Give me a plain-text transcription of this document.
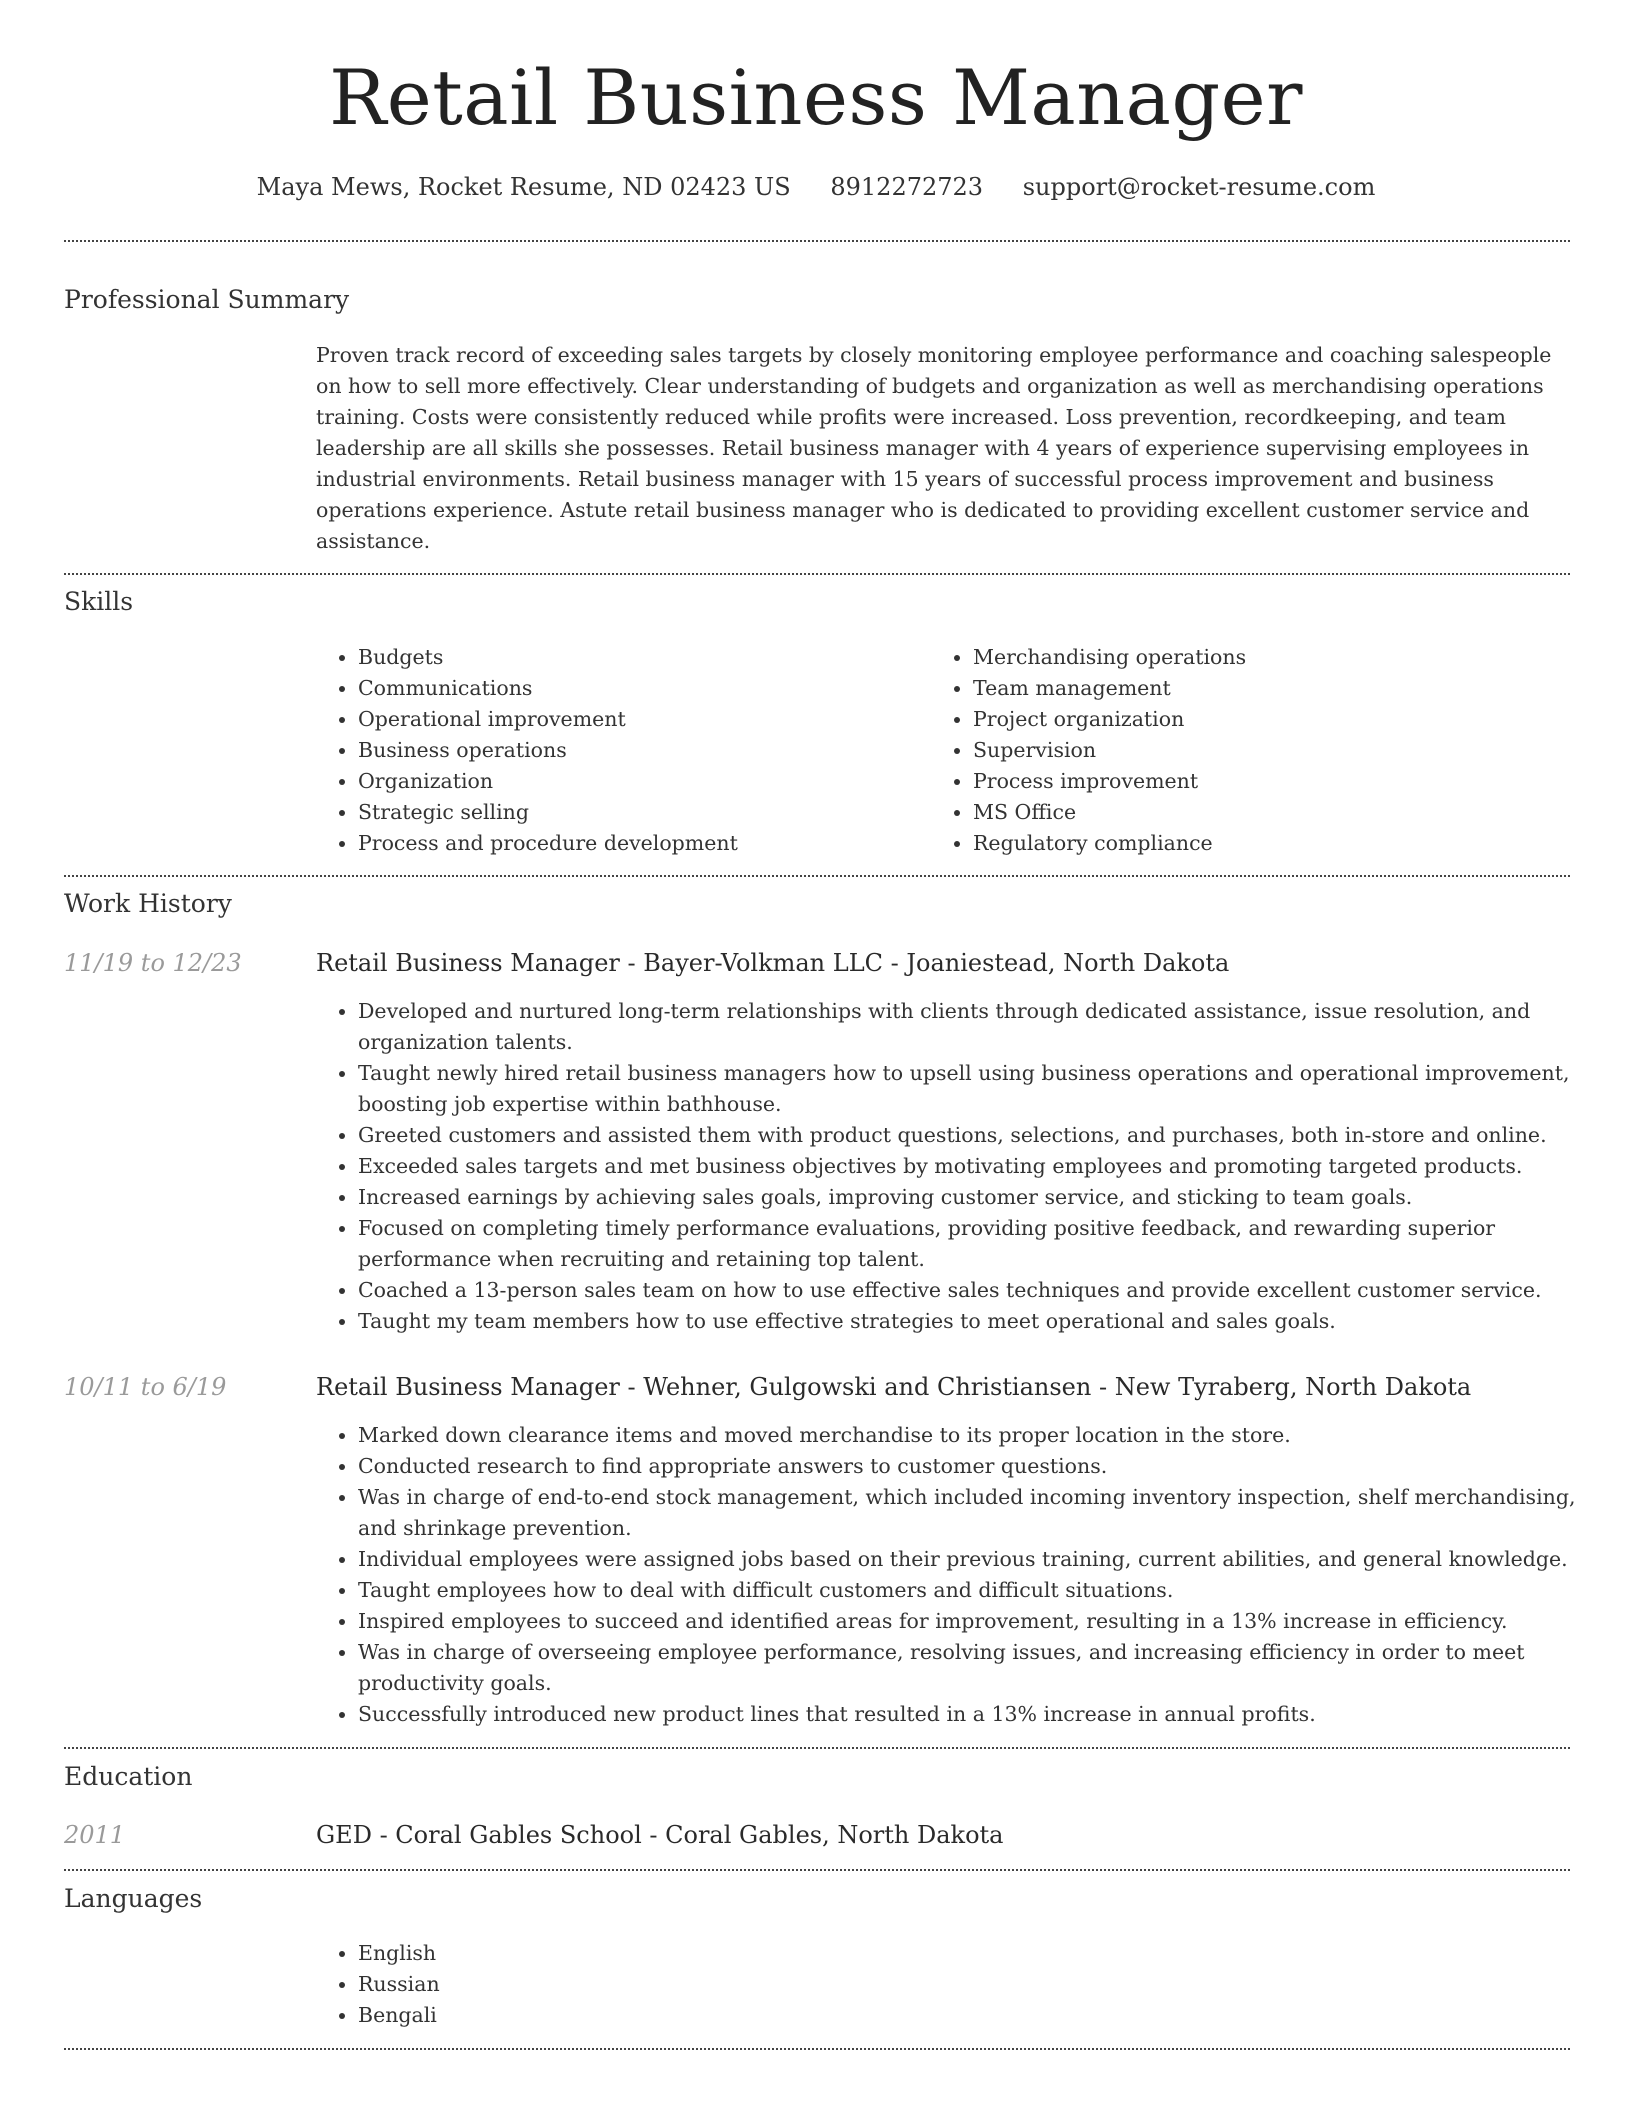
Retail Business Manager
Maya Mews, Rocket Resume, ND 02423 US 8912272723 support@rocket-resume.com
Professional Summary

Proven track record of exceeding sales targets by closely monitoring employee performance and coaching salespeople on how to sell more effectively. Clear understanding of budgets and organization as well as merchandising operations training. Costs were consistently reduced while profits were increased. Loss prevention, recordkeeping, and team leadership are all skills she possesses. Retail business manager with 4 years of experience supervising employees in industrial environments. Retail business manager with 15 years of successful process improvement and business operations experience. Astute retail business manager who is dedicated to providing excellent customer service and assistance.

Skills
• Budgets
• Communications
• Operational improvement
• Business operations
• Organization
• Strategic selling
• Process and procedure development
• Merchandising operations
• Team management
• Project organization
• Supervision
• Process improvement
• MS Office
• Regulatory compliance
Work History
11/19 to 12/23	Retail Business Manager - Bayer-Volkman LLC - Joaniestead, North Dakota
• Developed and nurtured long-term relationships with clients through dedicated assistance, issue resolution, and organization talents.
• Taught newly hired retail business managers how to upsell using business operations and operational improvement, boosting job expertise within bathhouse.
• Greeted customers and assisted them with product questions, selections, and purchases, both in-store and online.
• Exceeded sales targets and met business objectives by motivating employees and promoting targeted products.
• Increased earnings by achieving sales goals, improving customer service, and sticking to team goals.
• Focused on completing timely performance evaluations, providing positive feedback, and rewarding superior performance when recruiting and retaining top talent.
• Coached a 13-person sales team on how to use effective sales techniques and provide excellent customer service.
• Taught my team members how to use effective strategies to meet operational and sales goals.
10/11 to 6/19	Retail Business Manager - Wehner, Gulgowski and Christiansen - New Tyraberg, North Dakota
• Marked down clearance items and moved merchandise to its proper location in the store.
• Conducted research to find appropriate answers to customer questions.
• Was in charge of end-to-end stock management, which included incoming inventory inspection, shelf merchandising, and shrinkage prevention.
• Individual employees were assigned jobs based on their previous training, current abilities, and general knowledge.
• Taught employees how to deal with difficult customers and difficult situations.
• Inspired employees to succeed and identified areas for improvement, resulting in a 13% increase in efficiency.
• Was in charge of overseeing employee performance, resolving issues, and increasing efficiency in order to meet productivity goals.
• Successfully introduced new product lines that resulted in a 13% increase in annual profits.
Education
2011	GED - Coral Gables School - Coral Gables, North Dakota
Languages
• English
• Russian
• Bengali
